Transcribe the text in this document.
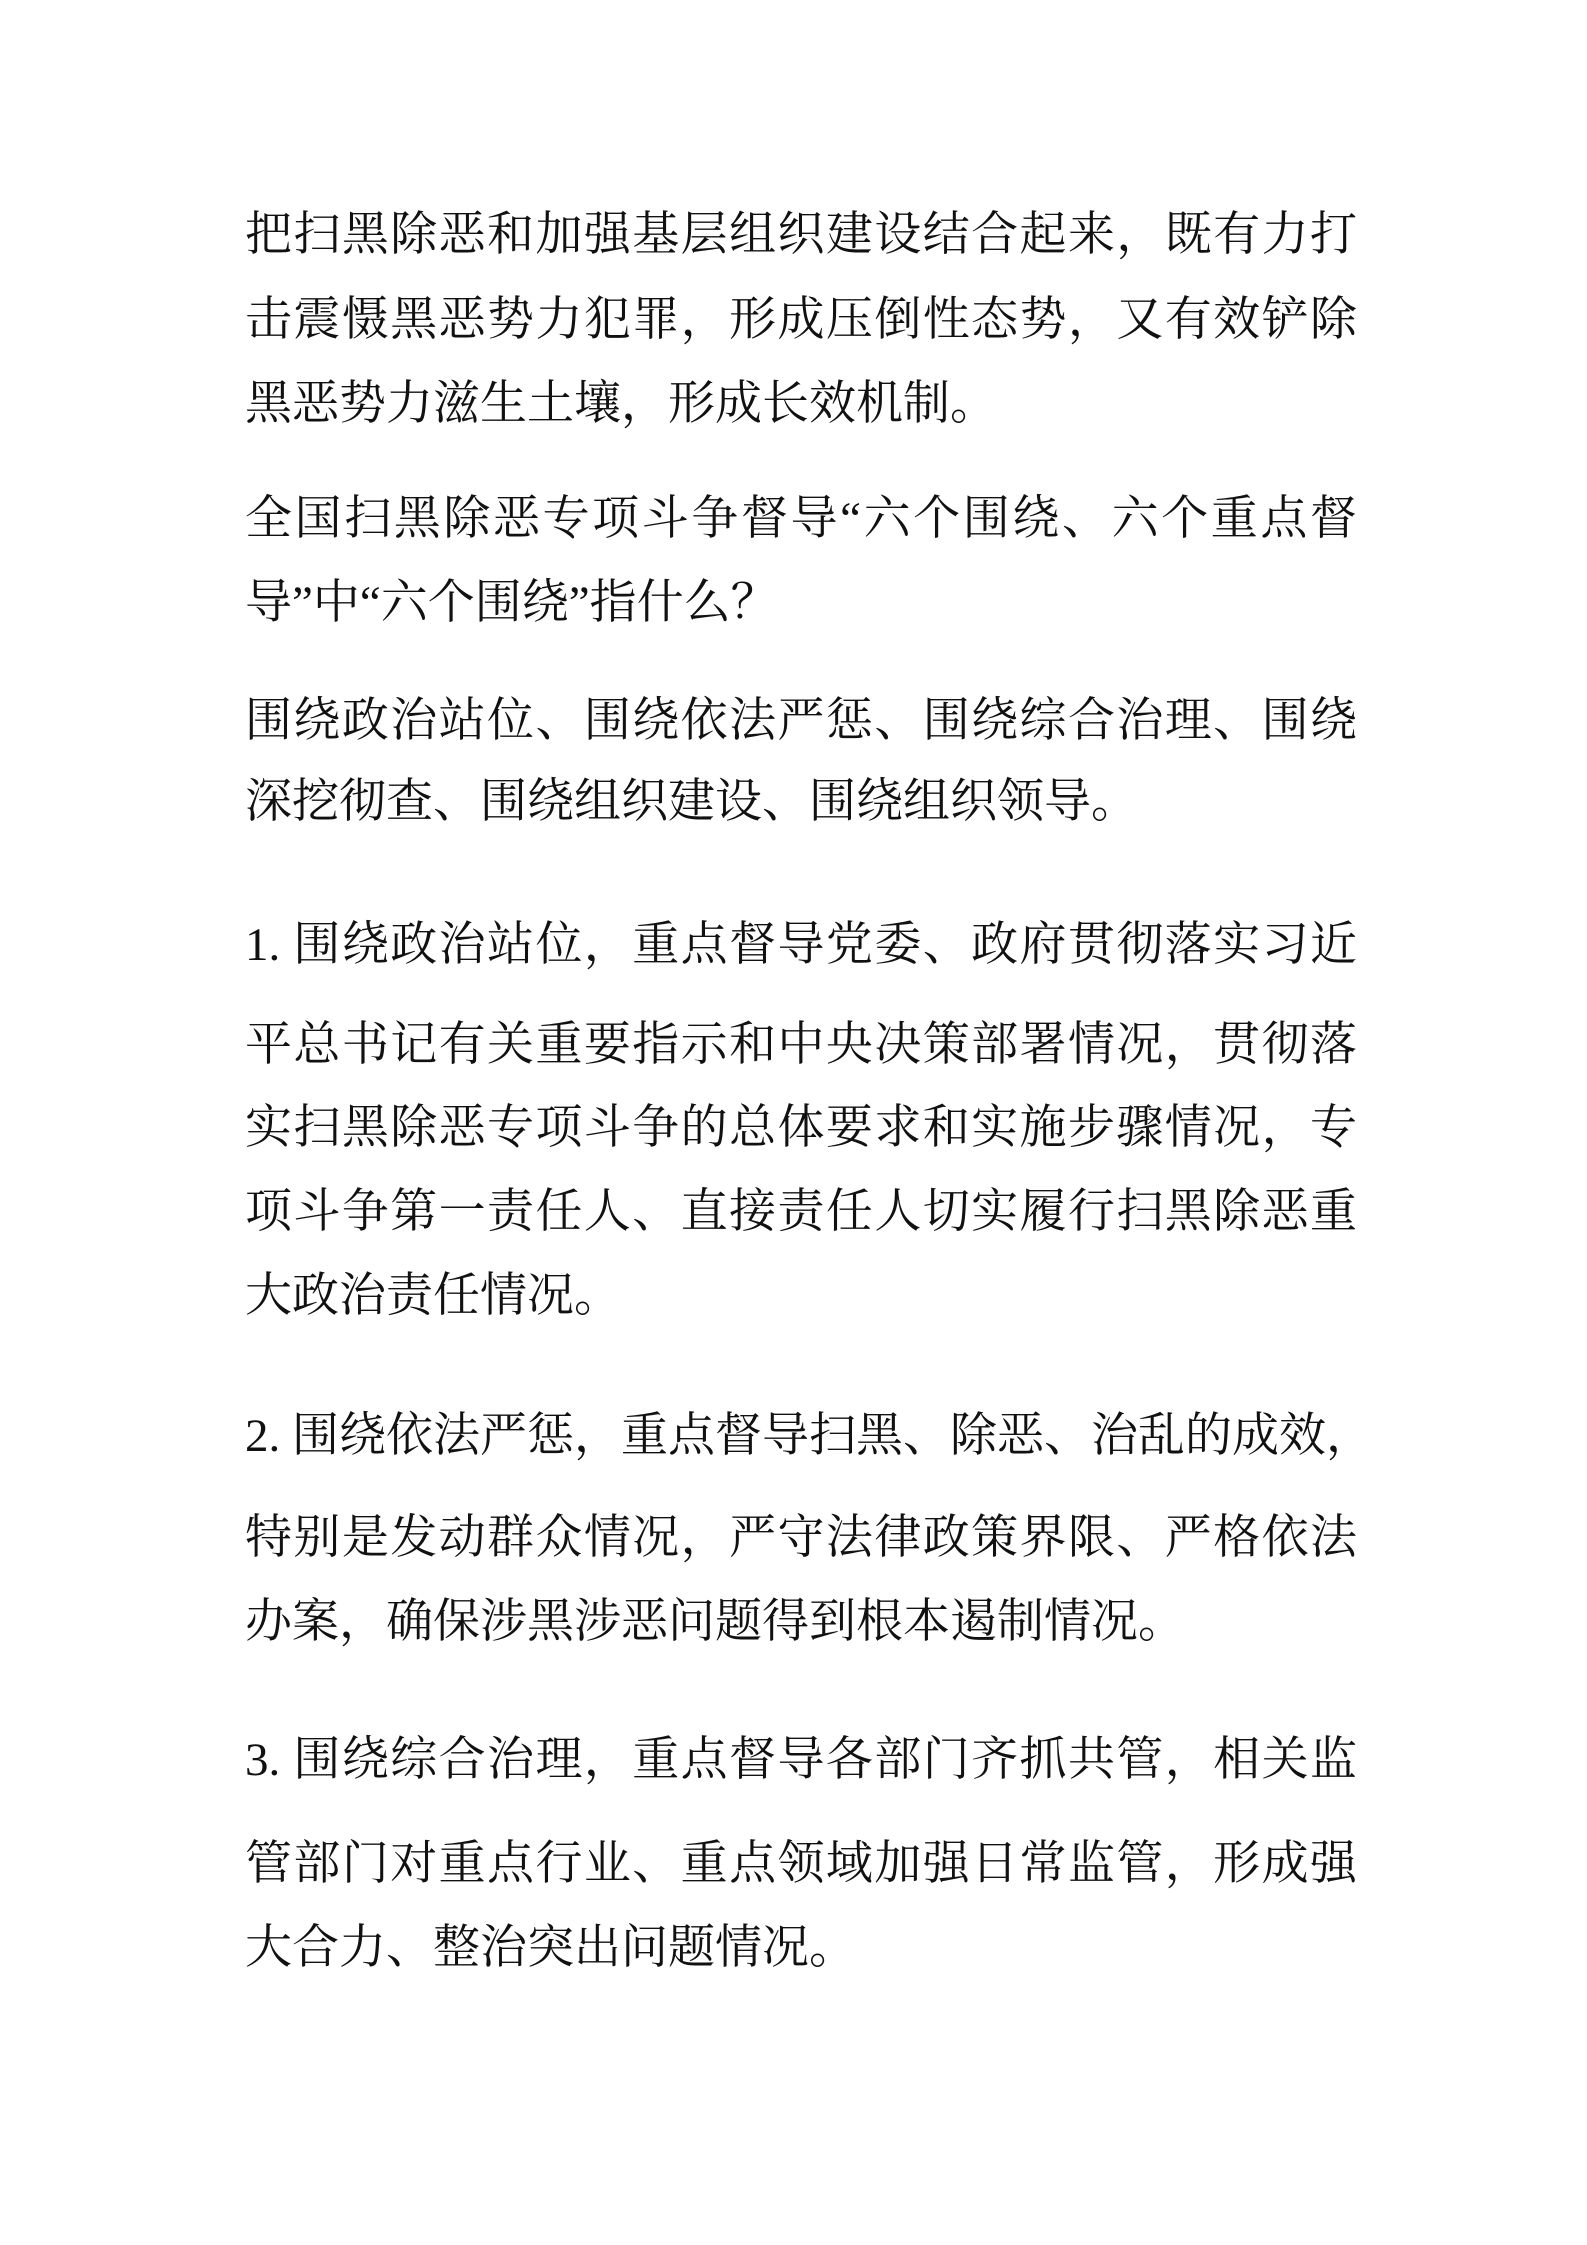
把扫黑除恶和加强基层组织建设结合起来，既有力打
击震慑黑恶势力犯罪，形成压倒性态势，又有效铲除
黑恶势力滋生土壤，形成长效机制。
全国扫黑除恶专项斗争督导“六个围绕、六个重点督
导”中“六个围绕”指什么？
围绕政治站位、围绕依法严惩、围绕综合治理、围绕
深挖彻查、围绕组织建设、围绕组织领导。
1. 围绕政治站位，重点督导党委、政府贯彻落实习近
平总书记有关重要指示和中央决策部署情况，贯彻落
实扫黑除恶专项斗争的总体要求和实施步骤情况，专
项斗争第一责任人、直接责任人切实履行扫黑除恶重
大政治责任情况。
2. 围绕依法严惩，重点督导扫黑、除恶、治乱的成效，
特别是发动群众情况，严守法律政策界限、严格依法
办案，确保涉黑涉恶问题得到根本遏制情况。
3. 围绕综合治理，重点督导各部门齐抓共管，相关监
管部门对重点行业、重点领域加强日常监管，形成强
大合力、整治突出问题情况。
